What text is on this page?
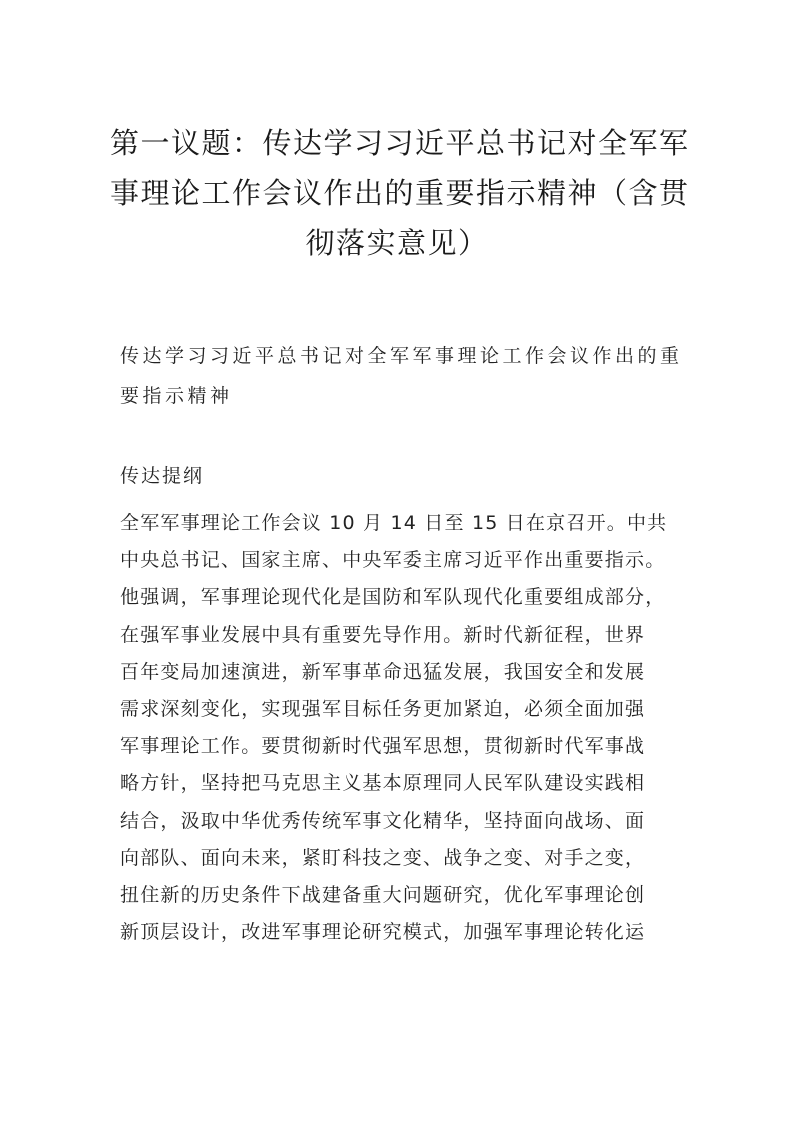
第一议题：传达学习习近平总书记对全军军
事理论工作会议作出的重要指示精神（含贯
彻落实意见）
传达学习习近平总书记对全军军事理论工作会议作出的重
要指示精神
传达提纲
全军军事理论工作会议 10 月 14 日至 15 日在京召开。中共
中央总书记、国家主席、中央军委主席习近平作出重要指示。
他强调，军事理论现代化是国防和军队现代化重要组成部分，
在强军事业发展中具有重要先导作用。新时代新征程，世界
百年变局加速演进，新军事革命迅猛发展，我国安全和发展
需求深刻变化，实现强军目标任务更加紧迫，必须全面加强
军事理论工作。要贯彻新时代强军思想，贯彻新时代军事战
略方针，坚持把马克思主义基本原理同人民军队建设实践相
结合，汲取中华优秀传统军事文化精华，坚持面向战场、面
向部队、面向未来，紧盯科技之变、战争之变、对手之变，
扭住新的历史条件下战建备重大问题研究，优化军事理论创
新顶层设计，改进军事理论研究模式，加强军事理论转化运
